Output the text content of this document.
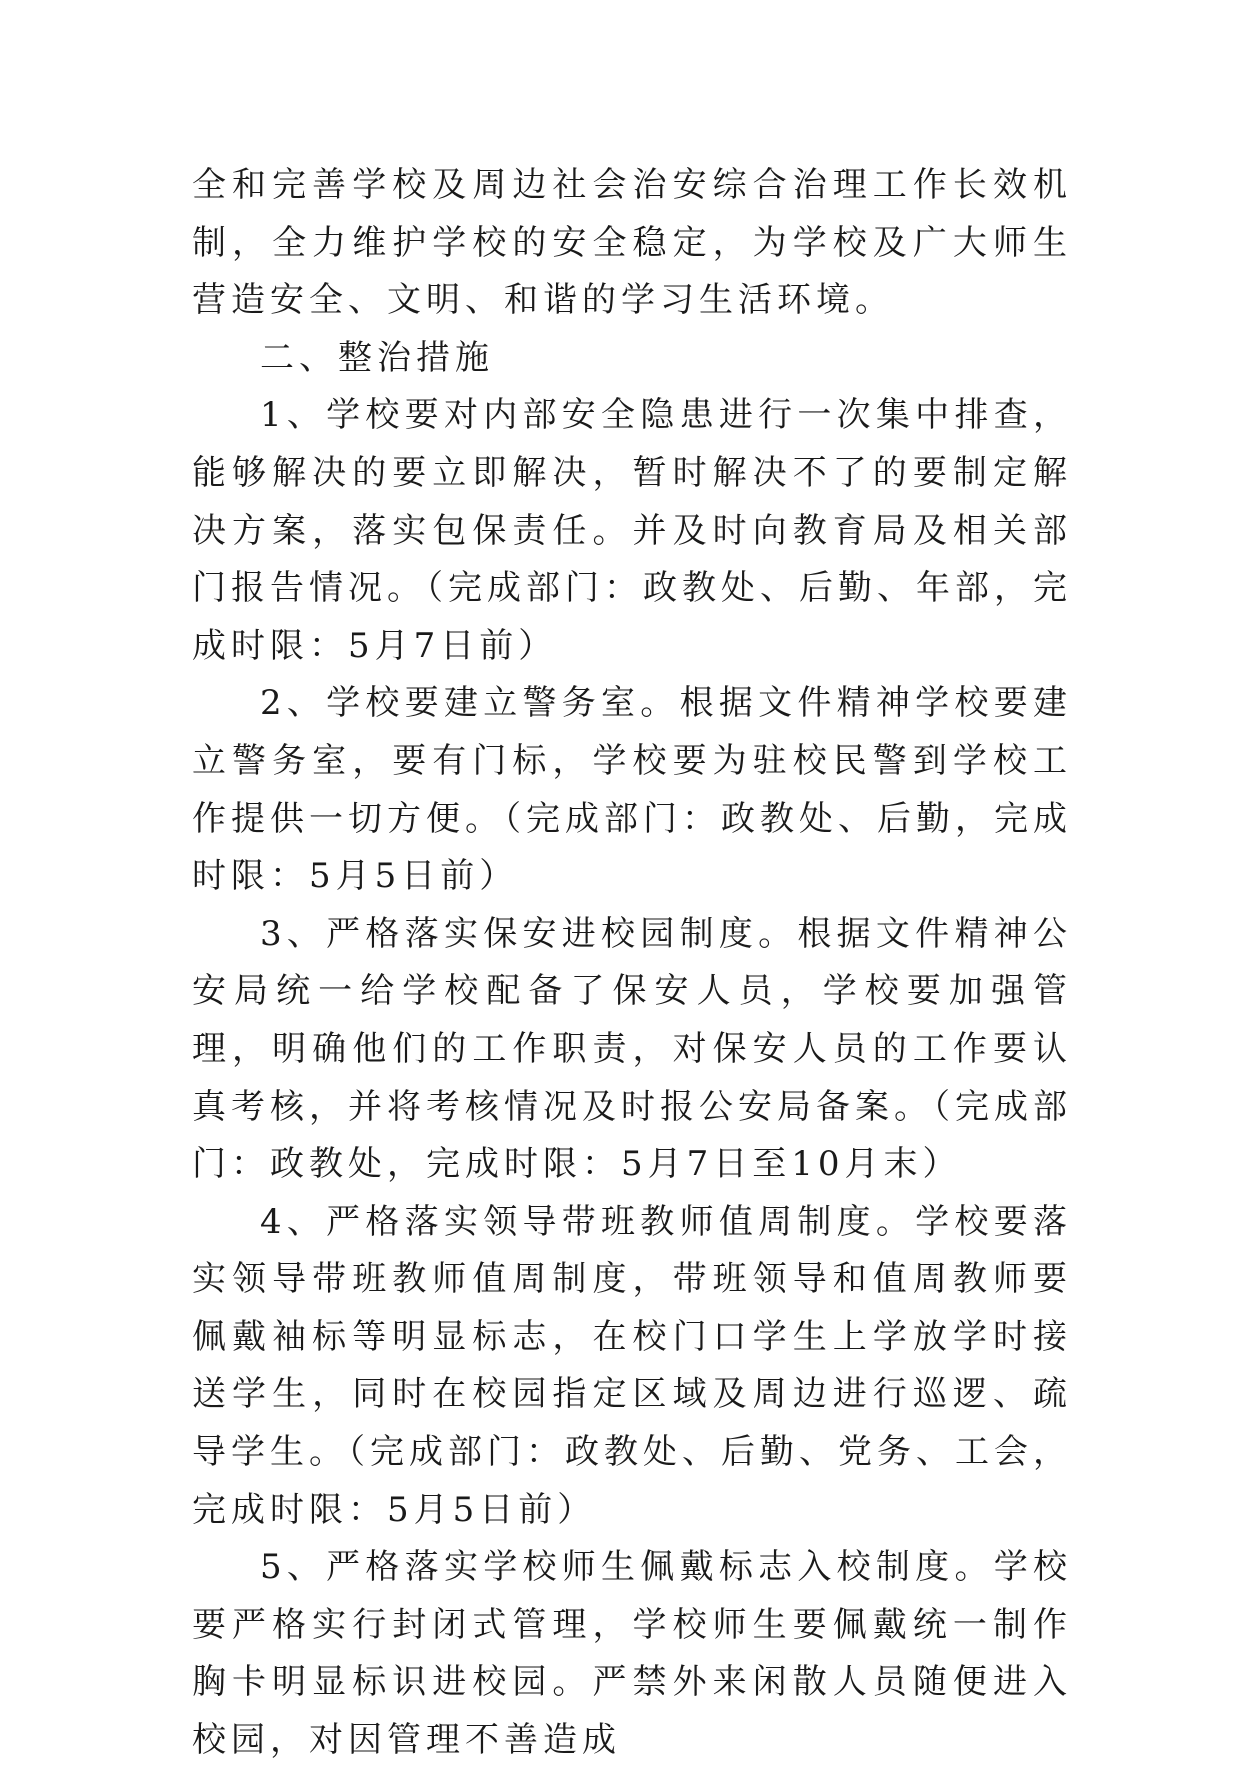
全和完善学校及周边社会治安综合治理工作长效机制，全力维护学校的安全稳定，为学校及广大师生营造安全、文明、和谐的学习生活环境。

二、整治措施

1、学校要对内部安全隐患进行一次集中排查，能够解决的要立即解决，暂时解决不了的要制定解决方案，落实包保责任。并及时向教育局及相关部门报告情况。（完成部门：政教处、后勤、年部，完成时限：5月7日前）

2、学校要建立警务室。根据文件精神学校要建立警务室，要有门标，学校要为驻校民警到学校工作提供一切方便。（完成部门：政教处、后勤，完成时限：5月5日前）

3、严格落实保安进校园制度。根据文件精神公安局统一给学校配备了保安人员，学校要加强管理，明确他们的工作职责，对保安人员的工作要认真考核，并将考核情况及时报公安局备案。（完成部门：政教处，完成时限：5月7日至10月末）

4、严格落实领导带班教师值周制度。学校要落实领导带班教师值周制度，带班领导和值周教师要佩戴袖标等明显标志，在校门口学生上学放学时接送学生，同时在校园指定区域及周边进行巡逻、疏导学生。（完成部门：政教处、后勤、党务、工会，完成时限：5月5日前）

5、严格落实学校师生佩戴标志入校制度。学校要严格实行封闭式管理，学校师生要佩戴统一制作胸卡明显标识进校园。严禁外来闲散人员随便进入校园，对因管理不善造成
